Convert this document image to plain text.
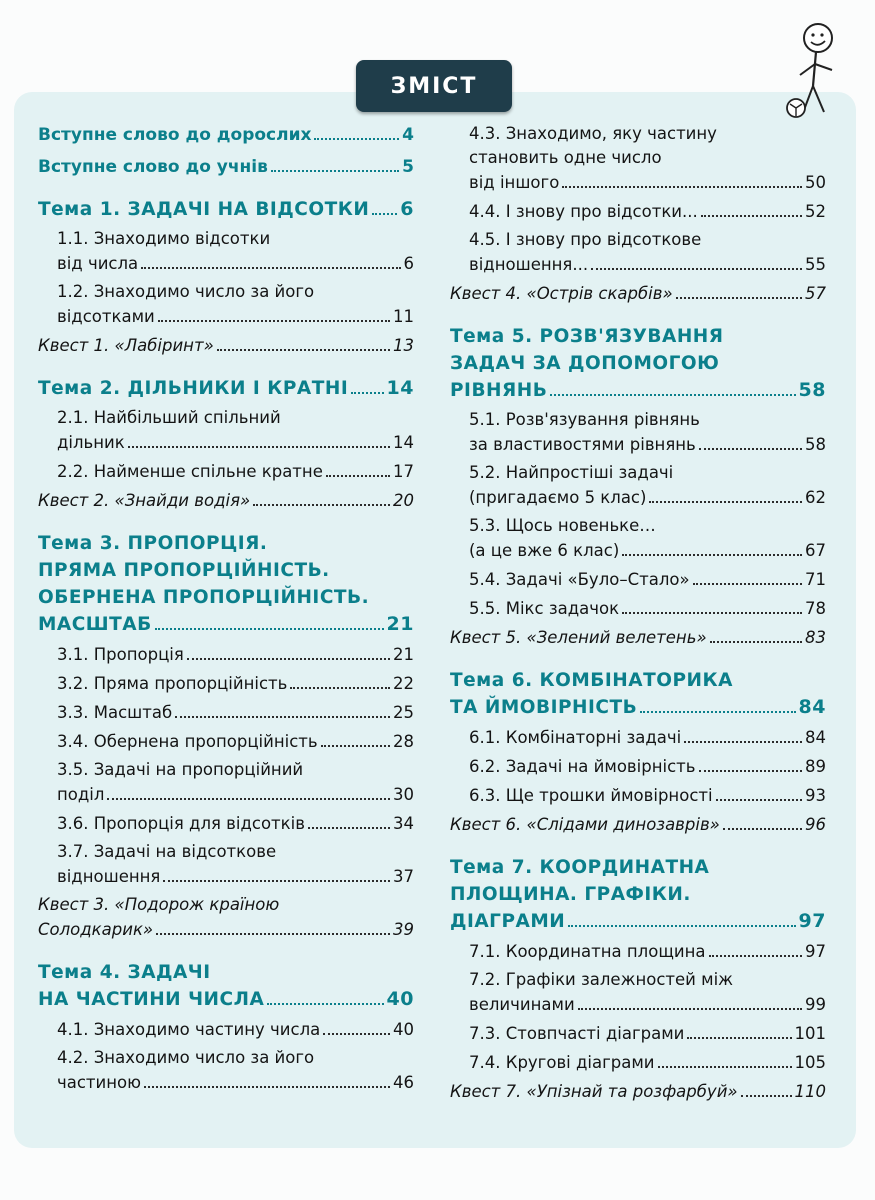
ЗМІСТ
Вступне слово до дорослих	4
Вступне слово до учнів	5
Тема 1. ЗАДАЧІ НА ВІДСОТКИ 6
1.1. Знаходимо відсотки
від числа	6
1.2. Знаходимо число за його
відсотками	11
Квест 1. «Лабіринт»	13
Тема 2. ДІЛЬНИКИ І КРАТНІ 14
2.1. Найбільший спільний
дільник	14
2.2. Найменше спільне кратне	17
Квест 2. «Знайди водія»	20
Тема 3. ПРОПОРЦІЯ.
ПРЯМА ПРОПОРЦІЙНІСТЬ.
ОБЕРНЕНА ПРОПОРЦІЙНІСТЬ.
МАСШТАБ	21
3.1. Пропорція	21
3.2. Пряма пропорційність	22
3.3. Масштаб	25
3.4. Обернена пропорційність	28
3.5. Задачі на пропорційний
поділ	30
3.6. Пропорція для відсотків	34
3.7. Задачі на відсоткове
відношення	37
Квест 3. «Подорож країною
Солодкарик»	39
Тема 4. ЗАДАЧІ
НА ЧАСТИНИ ЧИСЛА	40
4.1. Знаходимо частину числа	40
4.2. Знаходимо число за його
частиною	46
4.3. Знаходимо, яку частину
становить одне число
від іншого	50
4.4. І знову про відсотки...	52
4.5. І знову про відсоткове
відношення...	55
Квест 4. «Острів скарбів»	57
Тема 5. РОЗВ'ЯЗУВАННЯ
ЗАДАЧ ЗА ДОПОМОГОЮ
РІВНЯНЬ	58
5.1. Розв'язування рівнянь
за властивостями рівнянь	58
5.2. Найпростіші задачі
(пригадаємо 5 клас)	62
5.3. Щось новеньке…
(а це вже 6 клас)	67
5.4. Задачі «Було–Стало»	71
5.5. Мікс задачок	78
Квест 5. «Зелений велетень»	83
Тема 6. КОМБІНАТОРИКА
ТА ЙМОВІРНІСТЬ	84
6.1. Комбінаторні задачі	84
6.2. Задачі на ймовірність	89
6.3. Ще трошки ймовірності	93
Квест 6. «Слідами динозаврів»	96
Тема 7. КООРДИНАТНА
ПЛОЩИНА. ГРАФІКИ.
ДІАГРАМИ	97
7.1. Координатна площина	97
7.2. Графіки залежностей між
величинами	99
7.3. Стовпчасті діаграми	101
7.4. Кругові діаграми	105
Квест 7. «Упізнай та розфарбуй»	110
